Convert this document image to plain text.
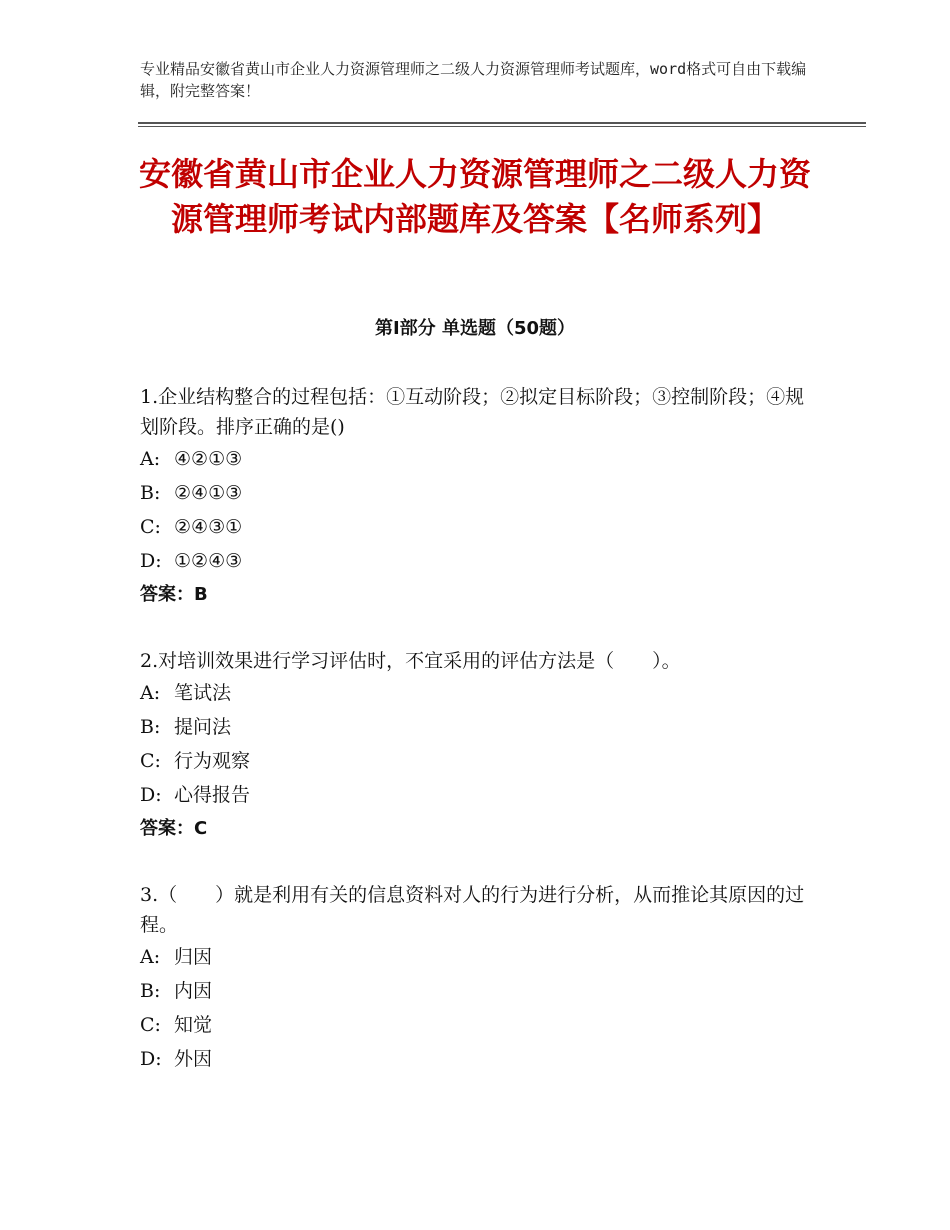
专业精品安徽省黄山市企业人力资源管理师之二级人力资源管理师考试题库，word格式可自由下载编辑，附完整答案！
安徽省黄山市企业人力资源管理师之二级人力资源管理师考试内部题库及答案【名师系列】
第Ⅰ部分 单选题（50题）

1.企业结构整合的过程包括：①互动阶段；②拟定目标阶段；③控制阶段；④规划阶段。排序正确的是()

A: ④②①③

B: ②④①③

C: ②④③①

D: ①②④③

答案：B

2.对培训效果进行学习评估时，不宜采用的评估方法是（　　）。

A: 笔试法

B: 提问法

C: 行为观察

D: 心得报告

答案：C

3.（　　）就是利用有关的信息资料对人的行为进行分析，从而推论其原因的过程。

A: 归因

B: 内因

C: 知觉

D: 外因
